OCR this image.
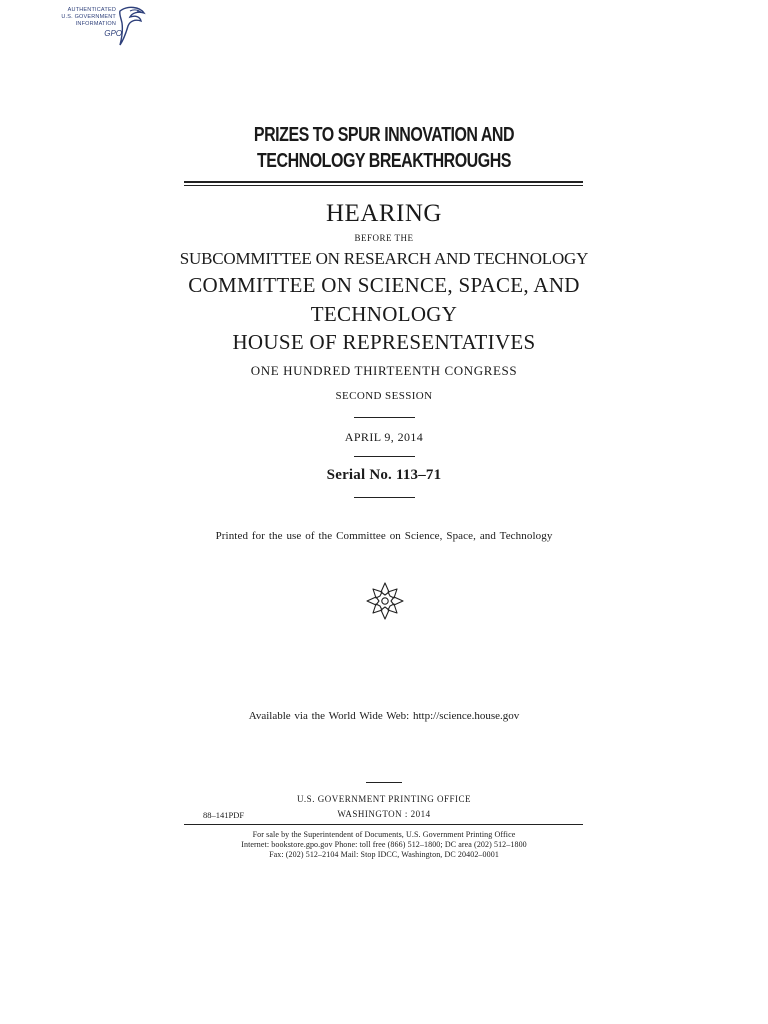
AUTHENTICATED
U.S. GOVERNMENT
INFORMATION
GPO
PRIZES TO SPUR INNOVATION AND
TECHNOLOGY BREAKTHROUGHS
HEARING
BEFORE THE
SUBCOMMITTEE ON RESEARCH AND TECHNOLOGY
COMMITTEE ON SCIENCE, SPACE, AND
TECHNOLOGY
HOUSE OF REPRESENTATIVES
ONE HUNDRED THIRTEENTH CONGRESS
SECOND SESSION
APRIL 9, 2014
Serial No. 113–71
Printed for the use of the Committee on Science, Space, and Technology
Available via the World Wide Web: http://science.house.gov
U.S. GOVERNMENT PRINTING OFFICE
88–141PDF	WASHINGTON : 2014
For sale by the Superintendent of Documents, U.S. Government Printing Office
Internet: bookstore.gpo.gov Phone: toll free (866) 512–1800; DC area (202) 512–1800
Fax: (202) 512–2104 Mail: Stop IDCC, Washington, DC 20402–0001
